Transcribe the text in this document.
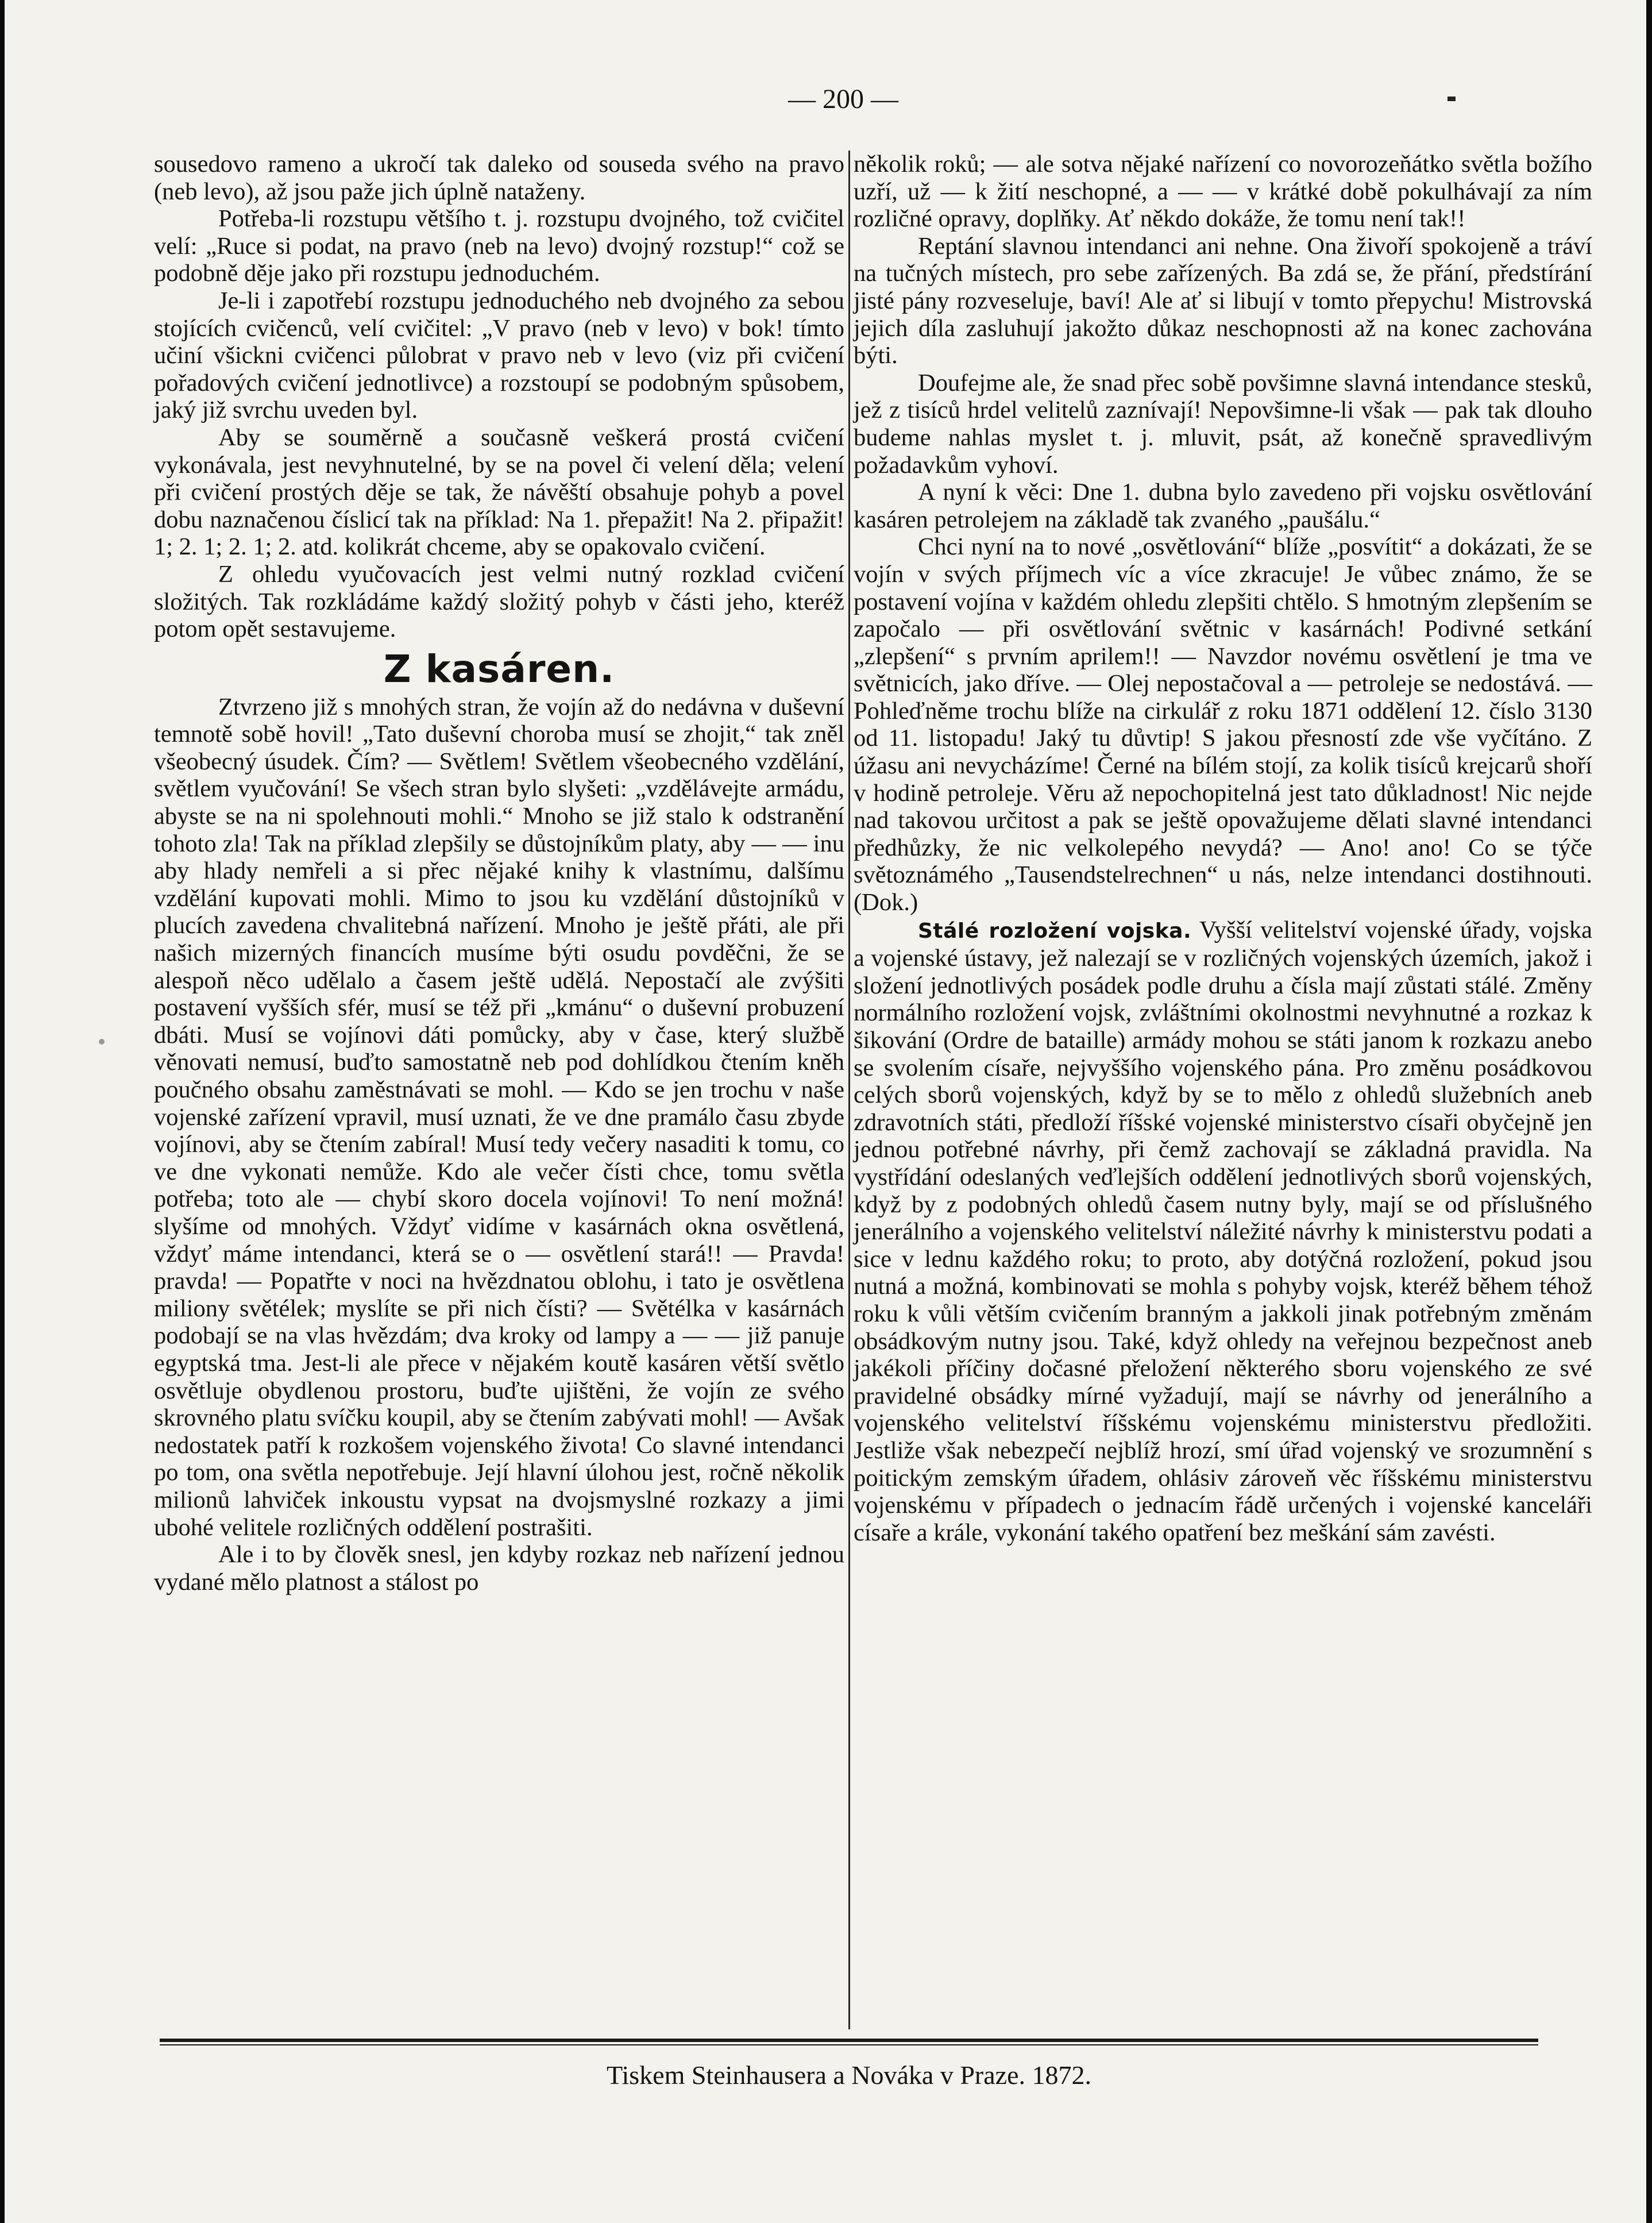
— 200 —

sousedovo rameno a ukročí tak daleko od souseda svého na pravo (neb levo), až jsou paže jich úplně nataženy.

Potřeba-li rozstupu většího t. j. rozstupu dvojného, tož cvičitel velí: „Ruce si podat, na pravo (neb na levo) dvojný rozstup!“ což se podobně děje jako při rozstupu jednoduchém.

Je-li i zapotřebí rozstupu jednoduchého neb dvojného za sebou stojících cvičenců, velí cvičitel: „V pravo (neb v levo) v bok! tímto učiní všickni cvičenci půlobrat v pravo neb v levo (viz při cvičení pořadových cvičení jednotlivce) a rozstoupí se podobným spůsobem, jaký již svrchu uveden byl.

Aby se souměrně a současně veškerá prostá cvičení vykonávala, jest nevyhnutelné, by se na povel či velení děla; velení při cvičení prostých děje se tak, že návěští obsahuje pohyb a povel dobu naznačenou číslicí tak na příklad: Na 1. přepažit! Na 2. připažit! 1; 2. 1; 2. 1; 2. atd. kolikrát chceme, aby se opakovalo cvičení.

Z ohledu vyučovacích jest velmi nutný rozklad cvičení složitých. Tak rozkládáme každý složitý pohyb v části jeho, kteréž potom opět sestavujeme.

Z kasáren.

Ztvrzeno již s mnohých stran, že vojín až do nedávna v duševní temnotě sobě hovil! „Tato duševní choroba musí se zhojit,“ tak zněl všeobecný úsudek. Čím? — Světlem! Světlem všeobecného vzdělání, světlem vyučování! Se všech stran bylo slyšeti: „vzdělávejte armádu, abyste se na ni spolehnouti mohli.“ Mnoho se již stalo k odstranění tohoto zla! Tak na příklad zlepšily se důstojníkům platy, aby — — inu aby hlady nemřeli a si přec nějaké knihy k vlastnímu, dalšímu vzdělání kupovati mohli. Mimo to jsou ku vzdělání důstojníků v plucích zavedena chvalitebná nařízení. Mnoho je ještě přáti, ale při našich mizerných financích musíme býti osudu povděčni, že se alespoň něco udělalo a časem ještě udělá. Nepostačí ale zvýšiti postavení vyšších sfér, musí se též při „kmánu“ o duševní probuzení dbáti. Musí se vojínovi dáti pomůcky, aby v čase, který službě věnovati nemusí, buďto samostatně neb pod dohlídkou čtením kněh poučného obsahu zaměstnávati se mohl. — Kdo se jen trochu v naše vojenské zařízení vpravil, musí uznati, že ve dne pramálo času zbyde vojínovi, aby se čtením zabíral! Musí tedy večery nasaditi k tomu, co ve dne vykonati nemůže. Kdo ale večer čísti chce, tomu světla potřeba; toto ale — chybí skoro docela vojínovi! To není možná! slyšíme od mnohých. Vždyť vidíme v kasárnách okna osvětlená, vždyť máme intendanci, která se o — osvětlení stará!! — Pravda! pravda! — Popatřte v noci na hvězdnatou oblohu, i tato je osvětlena miliony světélek; myslíte se při nich čísti? — Světélka v kasárnách podobají se na vlas hvězdám; dva kroky od lampy a — — již panuje egyptská tma. Jest-li ale přece v nějakém koutě kasáren větší světlo osvětluje obydlenou prostoru, buďte ujištěni, že vojín ze svého skrovného platu svíčku koupil, aby se čtením zabývati mohl! — Avšak nedostatek patří k rozkošem vojenského života! Co slavné intendanci po tom, ona světla nepotřebuje. Její hlavní úlohou jest, ročně několik milionů lahviček inkoustu vypsat na dvojsmyslné rozkazy a jimi ubohé velitele rozličných oddělení postrašiti.

Ale i to by člověk snesl, jen kdyby rozkaz neb nařízení jednou vydané mělo platnost a stálost po

několik roků; — ale sotva nějaké nařízení co novorozeňátko světla božího uzří, už — k žití neschopné, a — — v krátké době pokulhávají za ním rozličné opravy, doplňky. Ať někdo dokáže, že tomu není tak!!

Reptání slavnou intendanci ani nehne. Ona živoří spokojeně a tráví na tučných místech, pro sebe zařízených. Ba zdá se, že přání, předstírání jisté pány rozveseluje, baví! Ale ať si libují v tomto přepychu! Mistrovská jejich díla zasluhují jakožto důkaz neschopnosti až na konec zachována býti.

Doufejme ale, že snad přec sobě povšimne slavná intendance stesků, jež z tisíců hrdel velitelů zaznívají! Nepovšimne-li však — pak tak dlouho budeme nahlas myslet t. j. mluvit, psát, až konečně spravedlivým požadavkům vyhoví.

A nyní k věci: Dne 1. dubna bylo zavedeno při vojsku osvětlování kasáren petrolejem na základě tak zvaného „paušálu.“

Chci nyní na to nové „osvětlování“ blíže „posvítit“ a dokázati, že se vojín v svých příjmech víc a více zkracuje! Je vůbec známo, že se postavení vojína v každém ohledu zlepšiti chtělo. S hmotným zlepšením se započalo — při osvětlování světnic v kasárnách! Podivné setkání „zlepšení“ s prvním aprilem!! — Navzdor novému osvětlení je tma ve světnicích, jako dříve. — Olej nepostačoval a — petroleje se nedostává. — Pohleďněme trochu blíže na cirkulář z roku 1871 oddělení 12. číslo 3130 od 11. listopadu! Jaký tu důvtip! S jakou přesností zde vše vyčítáno. Z úžasu ani nevycházíme! Černé na bílém stojí, za kolik tisíců krejcarů shoří v hodině petroleje. Věru až nepochopitelná jest tato důkladnost! Nic nejde nad takovou určitost a pak se ještě opovažujeme dělati slavné intendanci předhůzky, že nic velkolepého nevydá? — Ano! ano! Co se týče světoznámého „Tausendstelrechnen“ u nás, nelze intendanci dostihnouti. (Dok.)

Stálé rozložení vojska. Vyšší velitelství vojenské úřady, vojska a vojenské ústavy, jež nalezají se v rozličných vojenských územích, jakož i složení jednotlivých posádek podle druhu a čísla mají zůstati stálé. Změny normálního rozložení vojsk, zvláštními okolnostmi nevyhnutné a rozkaz k šikování (Ordre de bataille) armády mohou se státi janom k rozkazu anebo se svolením císaře, nejvyššího vojenského pána. Pro změnu posádkovou celých sborů vojenských, když by se to mělo z ohledů služebních aneb zdravotních státi, předloží říšské vojenské ministerstvo císaři obyčejně jen jednou potřebné návrhy, při čemž zachovají se základná pravidla. Na vystřídání odeslaných veďlejších oddělení jednotlivých sborů vojenských, když by z podobných ohledů časem nutny byly, mají se od příslušného jenerálního a vojenského velitelství náležité návrhy k ministerstvu podati a sice v lednu každého roku; to proto, aby dotýčná rozložení, pokud jsou nutná a možná, kombinovati se mohla s pohyby vojsk, kteréž během téhož roku k vůli větším cvičením branným a jakkoli jinak potřebným změnám obsádkovým nutny jsou. Také, když ohledy na veřejnou bezpečnost aneb jakékoli příčiny dočasné přeložení některého sboru vojenského ze své pravidelné obsádky mírné vyžadují, mají se návrhy od jenerálního a vojenského velitelství říšskému vojenskému ministerstvu předložiti. Jestliže však nebezpečí nejblíž hrozí, smí úřad vojenský ve srozumnění s poitickým zemským úřadem, ohlásiv zároveň věc říšskému ministerstvu vojenskému v případech o jednacím řádě určených i vojenské kanceláři císaře a krále, vykonání takého opatření bez meškání sám zavésti.

Tiskem Steinhausera a Nováka v Praze. 1872.
